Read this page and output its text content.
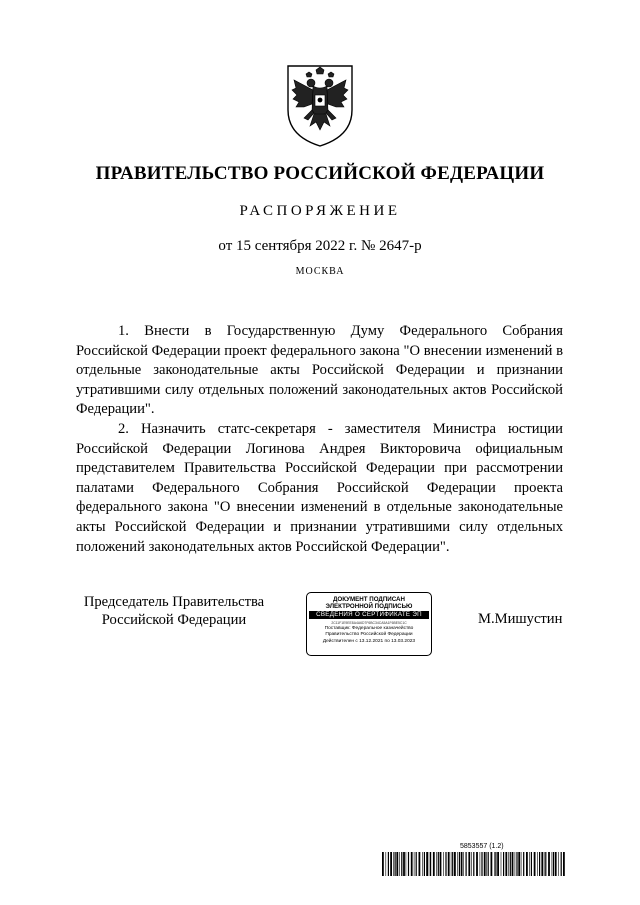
ПРАВИТЕЛЬСТВО РОССИЙСКОЙ ФЕДЕРАЦИИ
РАСПОРЯЖЕНИЕ
от 15 сентября 2022 г. № 2647-р
МОСКВА

1. Внести в Государственную Думу Федерального Собрания Российской Федерации проект федерального закона "О внесении изменений в отдельные законодательные акты Российской Федерации и признании утратившими силу отдельных положений законодательных актов Российской Федерации".

2. Назначить статс-секретаря - заместителя Министра юстиции Российской Федерации Логинова Андрея Викторовича официальным представителем Правительства Российской Федерации при рассмотрении палатами Федерального Собрания Российской Федерации проекта федерального закона "О внесении изменений в отдельные законодательные акты Российской Федерации и признании утратившими силу отдельных положений законодательных актов Российской Федерации".

Председатель Правительства
Российской Федерации
ДОКУМЕНТ ПОДПИСАН
ЭЛЕКТРОННОЙ ПОДПИСЬЮ
СВЕДЕНИЯ О СЕРТИФИКАТЕ ЭП
2C11F1E9EE8A4A6D7F6BC34CA5A1F6BE5C1C
Поставщик: Федеральное казначейство
Правительство Российской Федерации
Действителен с 13.12.2021 по 13.03.2023
М.Мишустин
5853557 (1.2)
